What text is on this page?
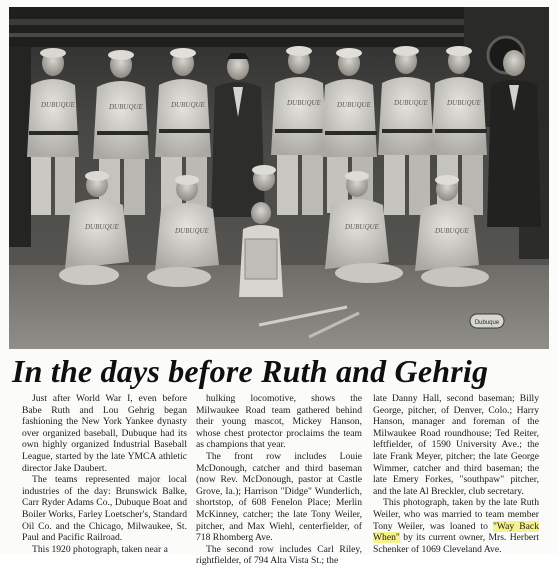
DUBUQUE	DUBUQUE	DUBUQUE	DUBUQUE DUBUQUE	DUBUQUE	DUBUQUE
DUBUQUE	DUBUQUE	DUBUQUE	DUBUQUE
Dubuque
In the days before Ruth and Gehrig

Just after World War I, even before Babe Ruth and Lou Gehrig began fashioning the New York Yankee dynasty over organized baseball, Dubuque had its own highly organized Industrial Baseball League, started by the late YMCA athletic director Jake Daubert.

The teams represented major local industries of the day: Brunswick Balke, Carr Ryder Adams Co., Dubuque Boat and Boiler Works, Farley Loetscher's, Standard Oil Co. and the Chicago, Milwaukee, St. Paul and Pacific Railroad.

This 1920 photograph, taken near a

hulking locomotive, shows the Milwaukee Road team gathered behind their young mascot, Mickey Hanson, whose chest protector proclaims the team as champions that year.

The front row includes Louie McDonough, catcher and third baseman (now Rev. McDonough, pastor at Castle Grove, Ia.); Harrison "Didge" Wunderlich, shortstop, of 608 Fenelon Place; Merlin McKinney, catcher; the late Tony Weiler, pitcher, and Max Wiehl, centerfielder, of 718 Rhomberg Ave.

The second row includes Carl Riley, rightfielder, of 794 Alta Vista St.; the

late Danny Hall, second baseman; Billy George, pitcher, of Denver, Colo.; Harry Hanson, manager and foreman of the Milwaukee Road roundhouse; Ted Reiter, leftfielder, of 1590 University Ave.; the late Frank Meyer, pitcher; the late George Wimmer, catcher and third baseman; the late Emery Forkes, "southpaw" pitcher, and the late Al Breckler, club secretary.

This photograph, taken by the late Ruth Weiler, who was married to team member Tony Weiler, was loaned to "Way Back When" by its current owner, Mrs. Herbert Schenker of 1069 Cleveland Ave.
